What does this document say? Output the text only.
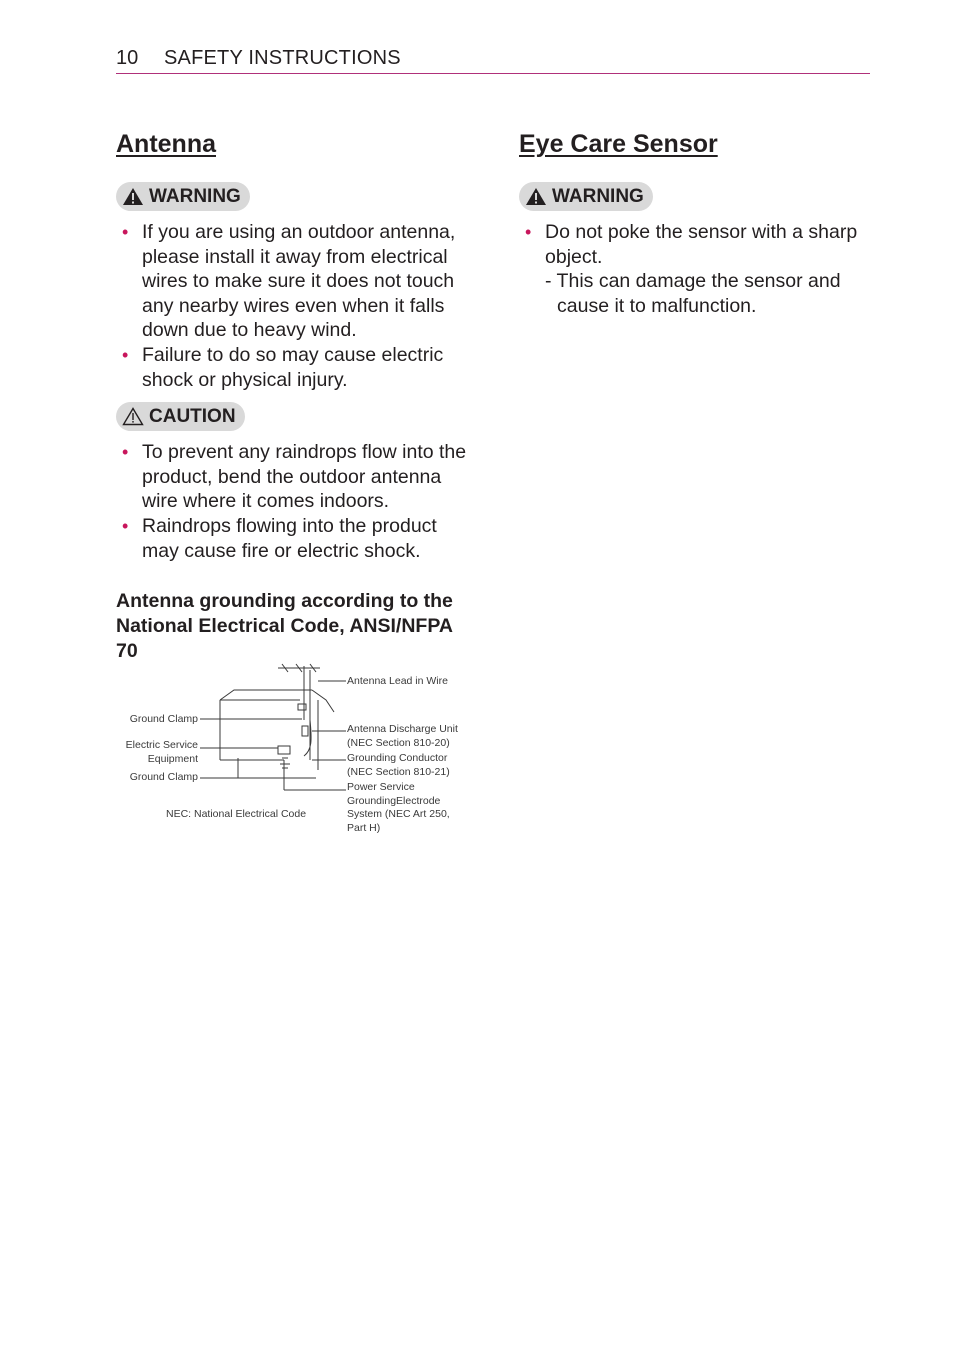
10 SAFETY INSTRUCTIONS
Antenna
WARNING
• If you are using an outdoor antenna, please install it away from electrical wires to make sure it does not touch any nearby wires even when it falls down due to heavy wind.
• Failure to do so may cause electric shock or physical injury.
CAUTION
• To prevent any raindrops flow into the product, bend the outdoor antenna wire where it comes indoors.
• Raindrops flowing into the product may cause fire or electric shock.

Antenna grounding according to the National Electrical Code, ANSI/NFPA 70

Antenna Lead in Wire
Ground Clamp
Antenna Discharge Unit
(NEC Section 810-20)
Electric Service
Equipment	Grounding Conductor
(NEC Section 810-21)
Ground Clamp
Power Service
GroundingElectrode
System (NEC Art 250,
Part H)
NEC: National Electrical Code
Eye Care Sensor
WARNING
• Do not poke the sensor with a sharp object.
- This can damage the sensor and cause it to malfunction.
